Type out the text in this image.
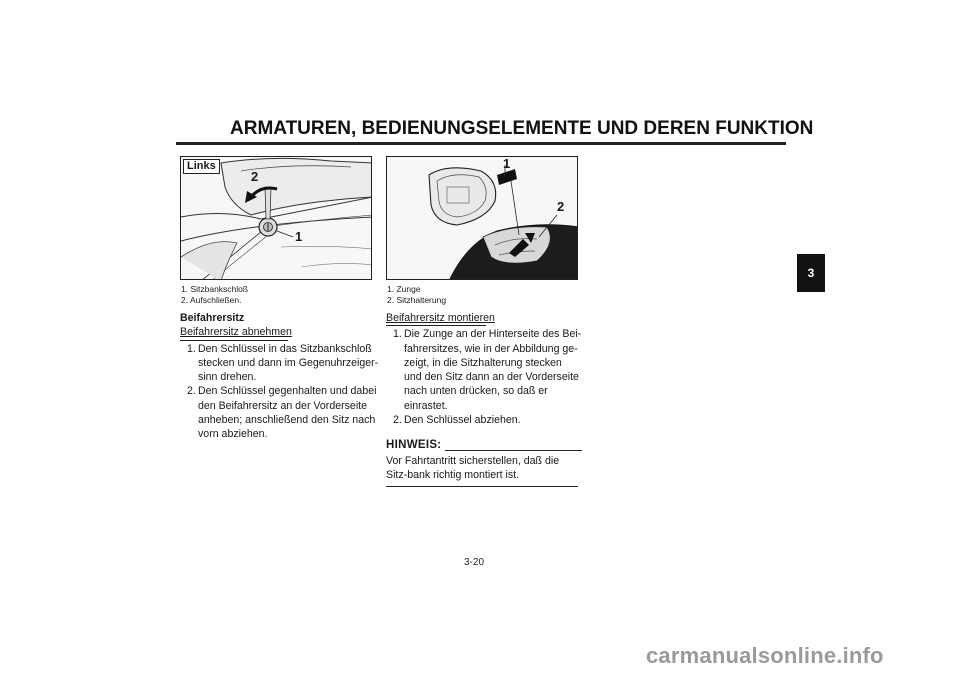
ARMATUREN, BEDIENUNGSELEMENTE UND DEREN FUNKTION
3
Links
2
1
1. Sitzbankschloß
2. Aufschließen.
1
2
1. Zunge
2. Sitzhalterung
Beifahrersitz
Beifahrersitz abnehmen
1. Den Schlüssel in das Sitzbankschloß stecken und dann im Gegenuhrzeiger-sinn drehen.
2. Den Schlüssel gegenhalten und dabei den Beifahrersitz an der Vorderseite anheben; anschließend den Sitz nach vorn abziehen.
Beifahrersitz montieren
1. Die Zunge an der Hinterseite des Bei-fahrersitzes, wie in der Abbildung ge-zeigt, in die Sitzhalterung stecken und den Sitz dann an der Vorderseite nach unten drücken, so daß er einrastet.
2. Den Schlüssel abziehen.
HINWEIS:
Vor Fahrtantritt sicherstellen, daß die Sitz-bank richtig montiert ist.
3-20
carmanualsonline.info
